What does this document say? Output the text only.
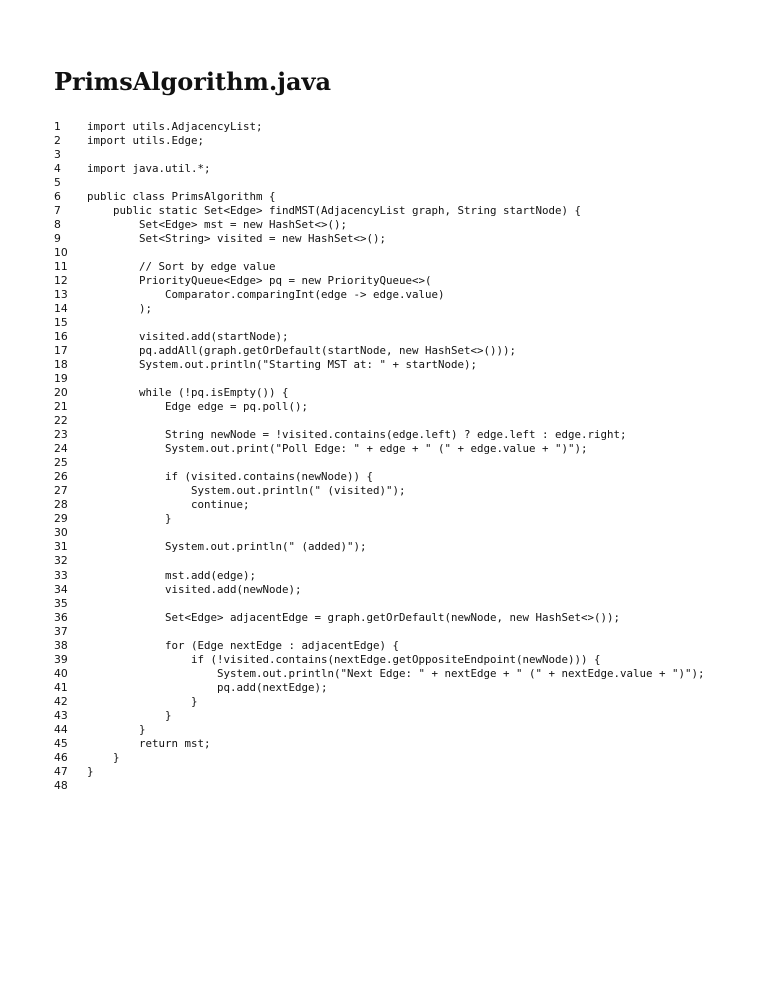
PrimsAlgorithm.java
1	import utils.AdjacencyList;
2	import utils.Edge;
3
4	import java.util.*;
5
6	public class PrimsAlgorithm {
7	public static Set<Edge> findMST(AdjacencyList graph, String startNode) {
8	Set<Edge> mst = new HashSet<>();
9	Set<String> visited = new HashSet<>();
10
11	// Sort by edge value
12	PriorityQueue<Edge> pq = new PriorityQueue<>(
13	Comparator.comparingInt(edge -> edge.value)
14	);
15
16	visited.add(startNode);
17	pq.addAll(graph.getOrDefault(startNode, new HashSet<>()));
18	System.out.println("Starting MST at: " + startNode);
19
20	while (!pq.isEmpty()) {
21	Edge edge = pq.poll();
22
23	String newNode = !visited.contains(edge.left) ? edge.left : edge.right;
24	System.out.print("Poll Edge: " + edge + " (" + edge.value + ")");
25
26	if (visited.contains(newNode)) {
27	System.out.println(" (visited)");
28	continue;
29	}
30
31	System.out.println(" (added)");
32
33	mst.add(edge);
34	visited.add(newNode);
35
36	Set<Edge> adjacentEdge = graph.getOrDefault(newNode, new HashSet<>());
37
38	for (Edge nextEdge : adjacentEdge) {
39	if (!visited.contains(nextEdge.getOppositeEndpoint(newNode))) {
40	System.out.println("Next Edge: " + nextEdge + " (" + nextEdge.value + ")");
41	pq.add(nextEdge);
42	}
43	}
44	}
45	return mst;
46	}
47	}
48
